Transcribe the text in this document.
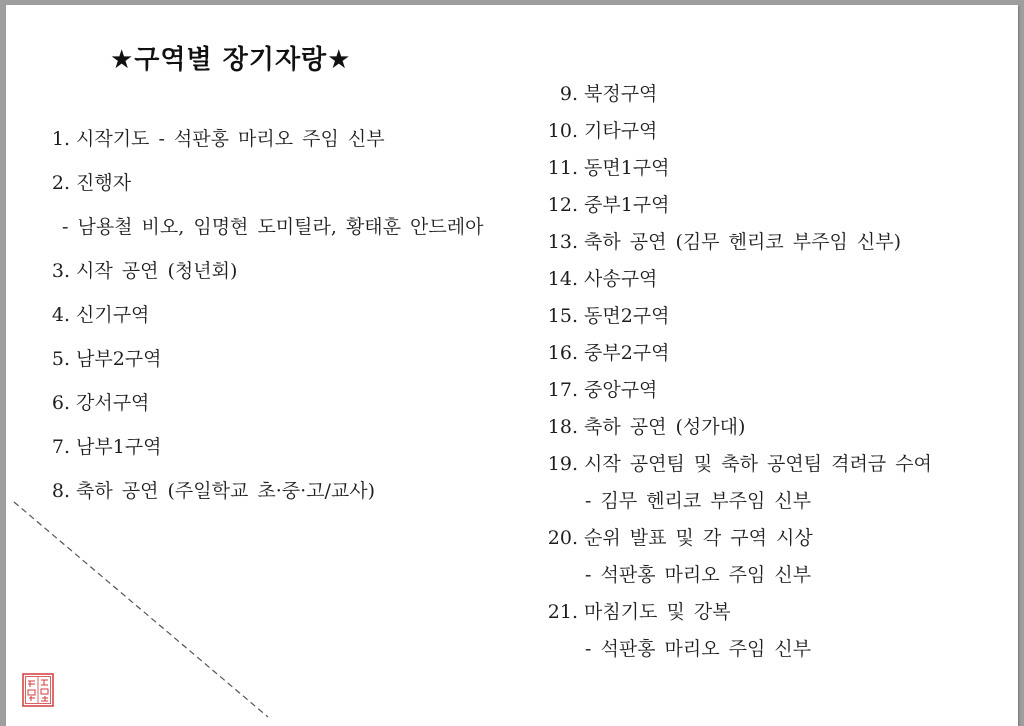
★구역별 장기자랑★
1. 시작기도 - 석판홍 마리오 주임 신부
2. 진행자
- 남용철 비오, 임명현 도미틸라, 황태훈 안드레아
3. 시작 공연 (청년회)
4. 신기구역
5. 남부2구역
6. 강서구역
7. 남부1구역
8. 축하 공연 (주일학교 초·중·고/교사)
9. 북정구역
10. 기타구역
11. 동면1구역
12. 중부1구역
13. 축하 공연 (김무 헨리코 부주임 신부)
14. 사송구역
15. 동면2구역
16. 중부2구역
17. 중앙구역
18. 축하 공연 (성가대)
19. 시작 공연팀 및 축하 공연팀 격려금 수여
- 김무 헨리코 부주임 신부
20. 순위 발표 및 각 구역 시상
- 석판홍 마리오 주임 신부
21. 마침기도 및 강복
- 석판홍 마리오 주임 신부
